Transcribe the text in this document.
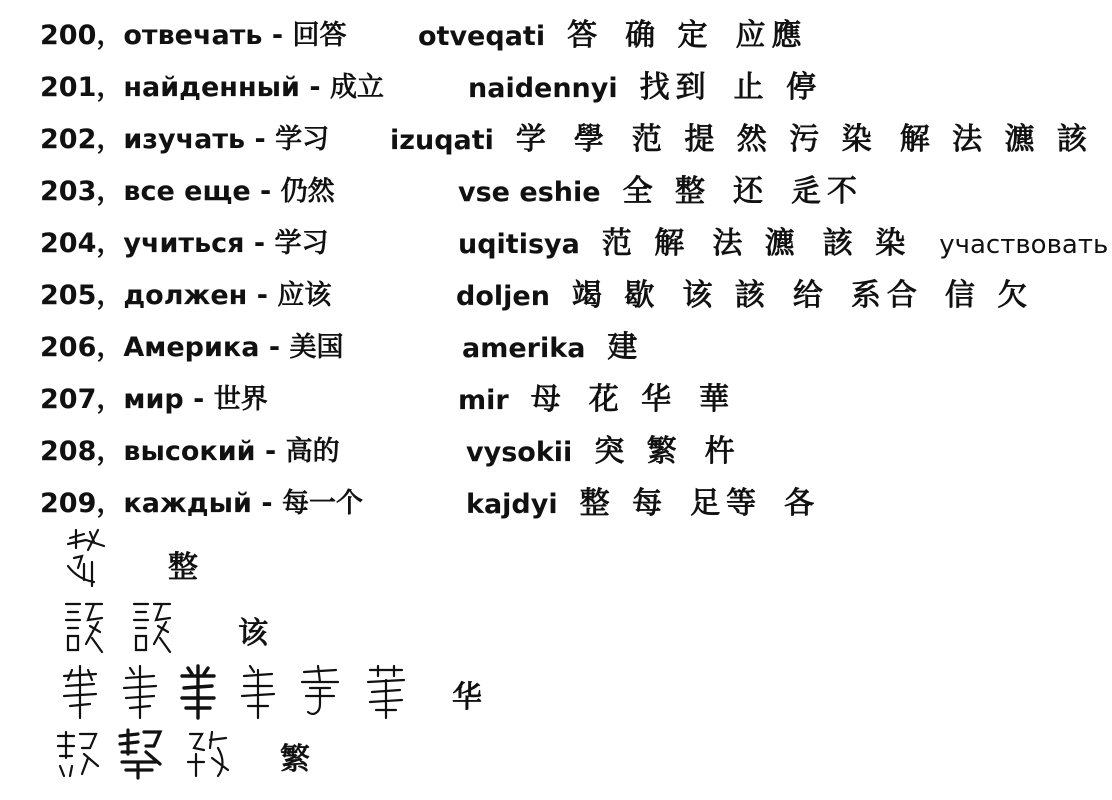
200，отвечать - 回答	otveqati 答 确 定 应應
201，найденный - 成立	naidennyi 找到 止 停
202，изучать - 学习 izuqati 学 學 范 提 然 污 染 解 法 瀌 該
203，все еще - 仍然	vse eshie 全 整 还 辵不
204，учиться - 学习	uqitisya 范 解 法 瀌 該 染 участвовать
205，должен - 应该	doljen 竭 歇 该 該 给 系合 信 欠
206，Америка - 美国	amerika 建
207，мир - 世界	mir 母 花 华 華
208，высокий - 高的	vysokii 突 繁 杵
209，каждый - 每一个	kajdyi 整 每 足等 各
整
该
华
繁
